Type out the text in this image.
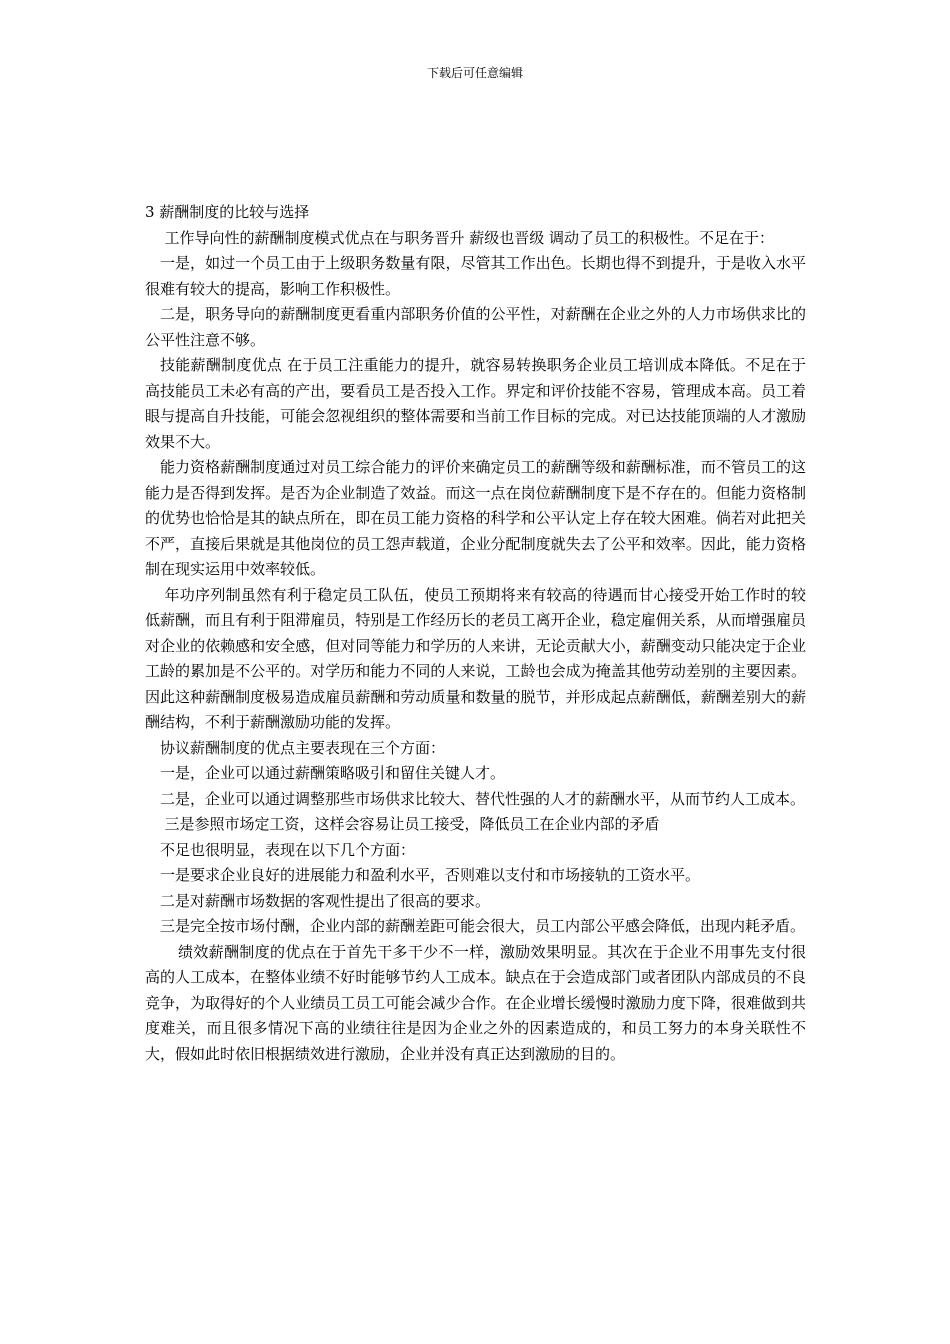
下载后可任意编辑

3 薪酬制度的比较与选择

工作导向性的薪酬制度模式优点在与职务晋升 薪级也晋级 调动了员工的积极性。不足在于：

一是，如过一个员工由于上级职务数量有限，尽管其工作出色。长期也得不到提升，于是收入水平很难有较大的提高，影响工作积极性。

二是，职务导向的薪酬制度更看重内部职务价值的公平性，对薪酬在企业之外的人力市场供求比的公平性注意不够。

技能薪酬制度优点 在于员工注重能力的提升，就容易转换职务企业员工培训成本降低。不足在于高技能员工未必有高的产出，要看员工是否投入工作。界定和评价技能不容易，管理成本高。员工着眼与提高自升技能，可能会忽视组织的整体需要和当前工作目标的完成。对已达技能顶端的人才激励效果不大。

能力资格薪酬制度通过对员工综合能力的评价来确定员工的薪酬等级和薪酬标准，而不管员工的这能力是否得到发挥。是否为企业制造了效益。而这一点在岗位薪酬制度下是不存在的。但能力资格制的优势也恰恰是其的缺点所在，即在员工能力资格的科学和公平认定上存在较大困难。倘若对此把关不严，直接后果就是其他岗位的员工怨声载道，企业分配制度就失去了公平和效率。因此，能力资格制在现实运用中效率较低。

年功序列制虽然有利于稳定员工队伍，使员工预期将来有较高的待遇而甘心接受开始工作时的较低薪酬，而且有利于阻滞雇员，特别是工作经历长的老员工离开企业，稳定雇佣关系，从而增强雇员对企业的依赖感和安全感，但对同等能力和学历的人来讲，无论贡献大小，薪酬变动只能决定于企业工龄的累加是不公平的。对学历和能力不同的人来说，工龄也会成为掩盖其他劳动差别的主要因素。因此这种薪酬制度极易造成雇员薪酬和劳动质量和数量的脱节，并形成起点薪酬低，薪酬差别大的薪酬结构，不利于薪酬激励功能的发挥。

协议薪酬制度的优点主要表现在三个方面：

一是，企业可以通过薪酬策略吸引和留住关键人才。

二是，企业可以通过调整那些市场供求比较大、替代性强的人才的薪酬水平，从而节约人工成本。

三是参照市场定工资，这样会容易让员工接受，降低员工在企业内部的矛盾

不足也很明显，表现在以下几个方面：

一是要求企业良好的进展能力和盈利水平，否则难以支付和市场接轨的工资水平。

二是对薪酬市场数据的客观性提出了很高的要求。

三是完全按市场付酬，企业内部的薪酬差距可能会很大，员工内部公平感会降低，出现内耗矛盾。

绩效薪酬制度的优点在于首先干多干少不一样，激励效果明显。其次在于企业不用事先支付很高的人工成本，在整体业绩不好时能够节约人工成本。缺点在于会造成部门或者团队内部成员的不良竞争，为取得好的个人业绩员工员工可能会减少合作。在企业增长缓慢时激励力度下降，很难做到共度难关，而且很多情况下高的业绩往往是因为企业之外的因素造成的，和员工努力的本身关联性不大，假如此时依旧根据绩效进行激励，企业并没有真正达到激励的目的。
